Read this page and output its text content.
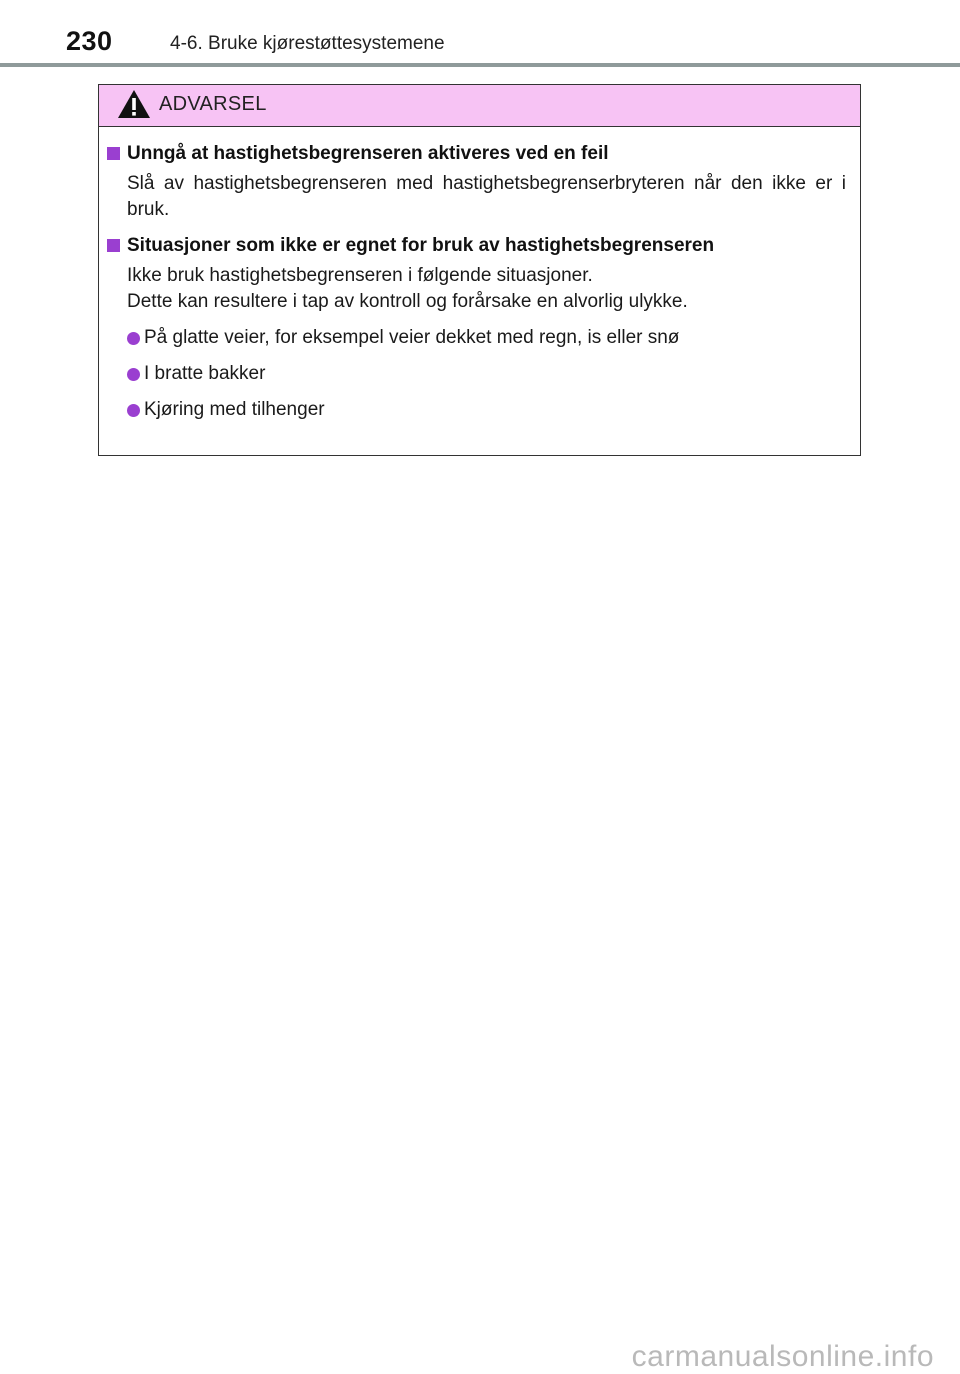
230	4-6. Bruke kjørestøttesystemene
ADVARSEL
Unngå at hastighetsbegrenseren aktiveres ved en feil

Slå av hastighetsbegrenseren med hastighetsbegrenserbryteren når den ikke er i bruk.

Situasjoner som ikke er egnet for bruk av hastighetsbegrenseren

Ikke bruk hastighetsbegrenseren i følgende situasjoner.

Dette kan resultere i tap av kontroll og forårsake en alvorlig ulykke.

På glatte veier, for eksempel veier dekket med regn, is eller snø
I bratte bakker
Kjøring med tilhenger
carmanualsonline.info
